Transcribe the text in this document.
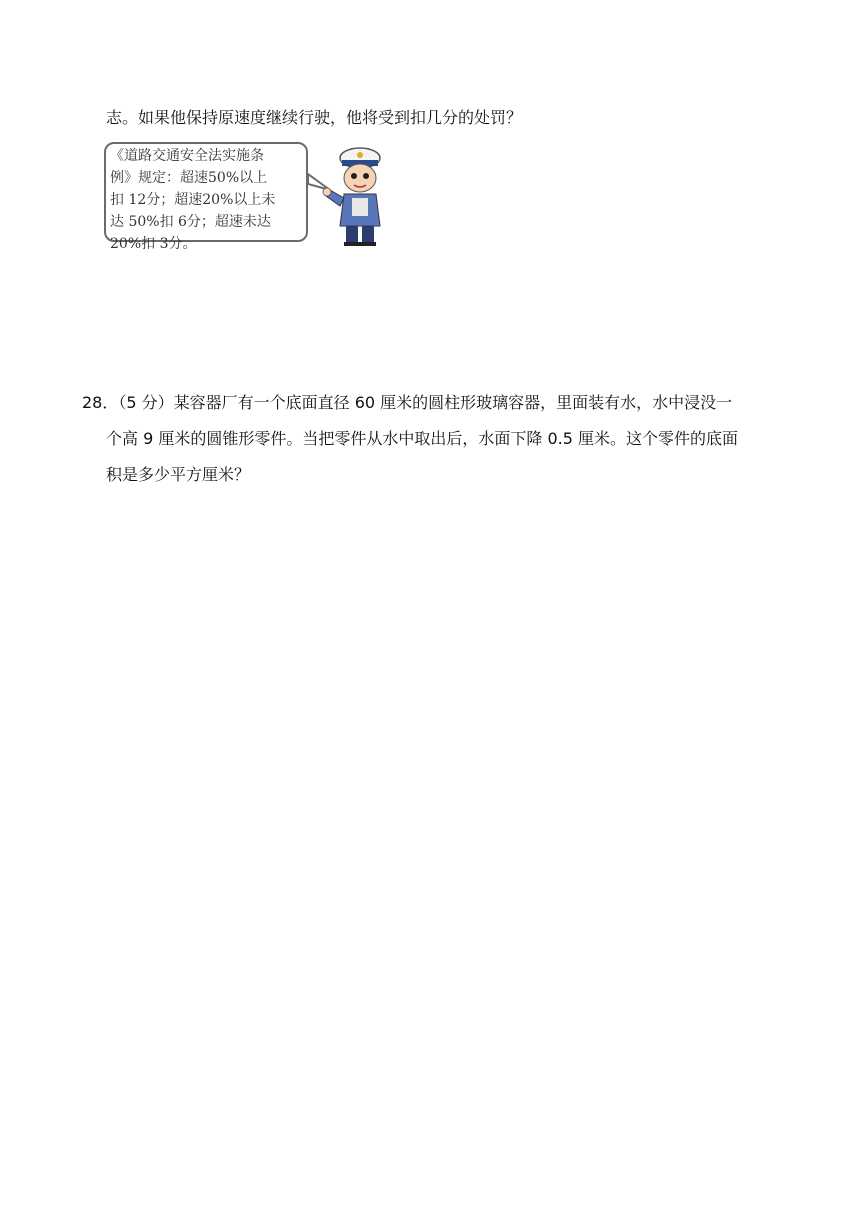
志。如果他保持原速度继续行驶，他将受到扣几分的处罚？
《道路交通安全法实施条
例》规定：超速50%以上
扣 12分；超速20%以上未
达 50%扣 6分；超速未达
20%扣 3分。
28．（5 分）某容器厂有一个底面直径 60 厘米的圆柱形玻璃容器，里面装有水，水中浸没一
个高 9 厘米的圆锥形零件。当把零件从水中取出后，水面下降 0.5 厘米。这个零件的底面
积是多少平方厘米？
